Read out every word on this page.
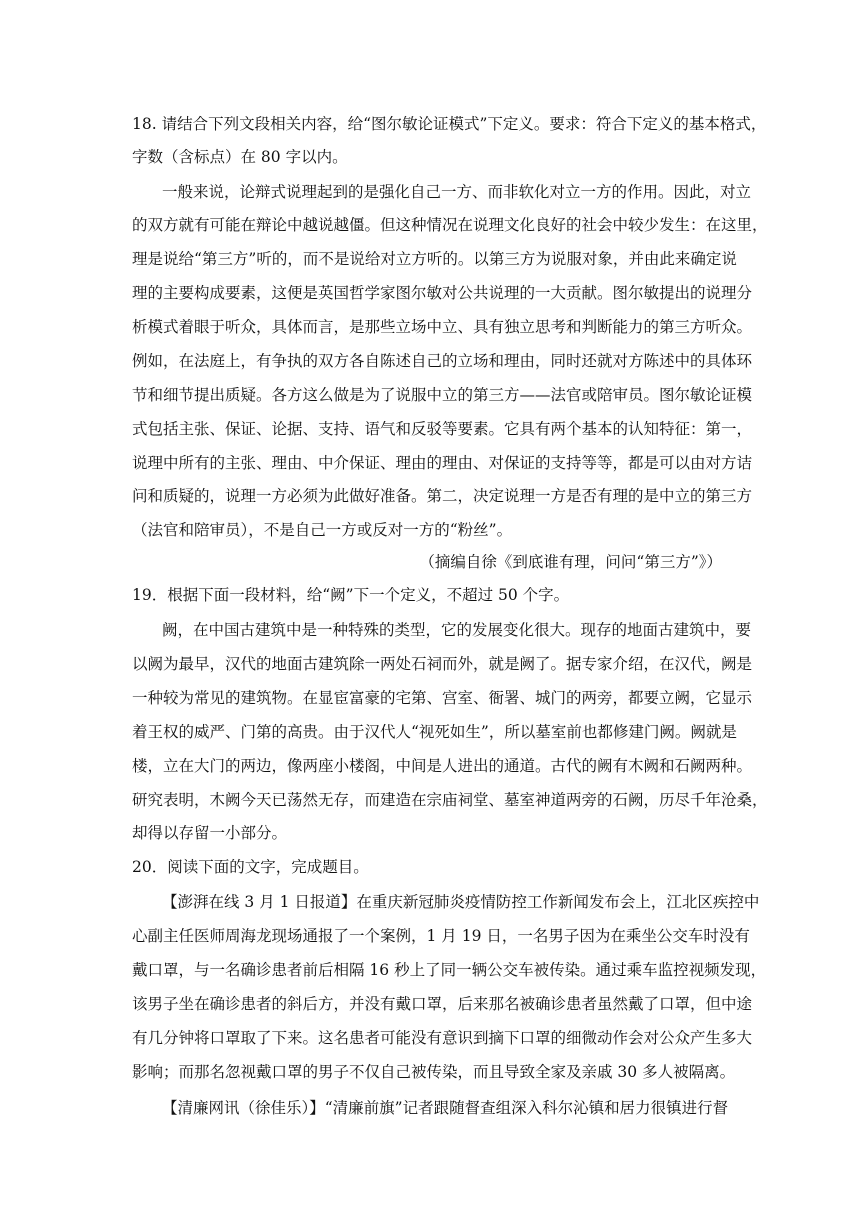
18. 请结合下列文段相关内容，给“图尔敏论证模式”下定义。要求：符合下定义的基本格式，
字数（含标点）在 80 字以内。
一般来说，论辩式说理起到的是强化自己一方、而非软化对立一方的作用。因此，对立
的双方就有可能在辩论中越说越僵。但这种情况在说理文化良好的社会中较少发生：在这里，
理是说给“第三方”听的，而不是说给对立方听的。以第三方为说服对象，并由此来确定说
理的主要构成要素，这便是英国哲学家图尔敏对公共说理的一大贡献。图尔敏提出的说理分
析模式着眼于听众，具体而言，是那些立场中立、具有独立思考和判断能力的第三方听众。
例如，在法庭上，有争执的双方各自陈述自己的立场和理由，同时还就对方陈述中的具体环
节和细节提出质疑。各方这么做是为了说服中立的第三方——法官或陪审员。图尔敏论证模
式包括主张、保证、论据、支持、语气和反驳等要素。它具有两个基本的认知特征：第一，
说理中所有的主张、理由、中介保证、理由的理由、对保证的支持等等，都是可以由对方诘
问和质疑的，说理一方必须为此做好准备。第二，决定说理一方是否有理的是中立的第三方
（法官和陪审员），不是自己一方或反对一方的“粉丝”。
（摘编自徐《到底谁有理，问问“第三方”》）
19．根据下面一段材料，给“阙”下一个定义，不超过 50 个字。
阙，在中国古建筑中是一种特殊的类型，它的发展变化很大。现存的地面古建筑中，要
以阙为最早，汉代的地面古建筑除一两处石祠而外，就是阙了。据专家介绍，在汉代，阙是
一种较为常见的建筑物。在显宦富豪的宅第、宫室、衙署、城门的两旁，都要立阙，它显示
着王权的威严、门第的高贵。由于汉代人“视死如生”，所以墓室前也都修建门阙。阙就是
楼，立在大门的两边，像两座小楼阁，中间是人进出的通道。古代的阙有木阙和石阙两种。
研究表明，木阙今天已荡然无存，而建造在宗庙祠堂、墓室神道两旁的石阙，历尽千年沧桑，
却得以存留一小部分。
20．阅读下面的文字，完成题目。
【澎湃在线 3 月 1 日报道】在重庆新冠肺炎疫情防控工作新闻发布会上，江北区疾控中
心副主任医师周海龙现场通报了一个案例，1 月 19 日，一名男子因为在乘坐公交车时没有
戴口罩，与一名确诊患者前后相隔 16 秒上了同一辆公交车被传染。通过乘车监控视频发现，
该男子坐在确诊患者的斜后方，并没有戴口罩，后来那名被确诊患者虽然戴了口罩，但中途
有几分钟将口罩取了下来。这名患者可能没有意识到摘下口罩的细微动作会对公众产生多大
影响；而那名忽视戴口罩的男子不仅自己被传染，而且导致全家及亲戚 30 多人被隔离。
【清廉网讯（徐佳乐）】“清廉前旗”记者跟随督查组深入科尔沁镇和居力很镇进行督
